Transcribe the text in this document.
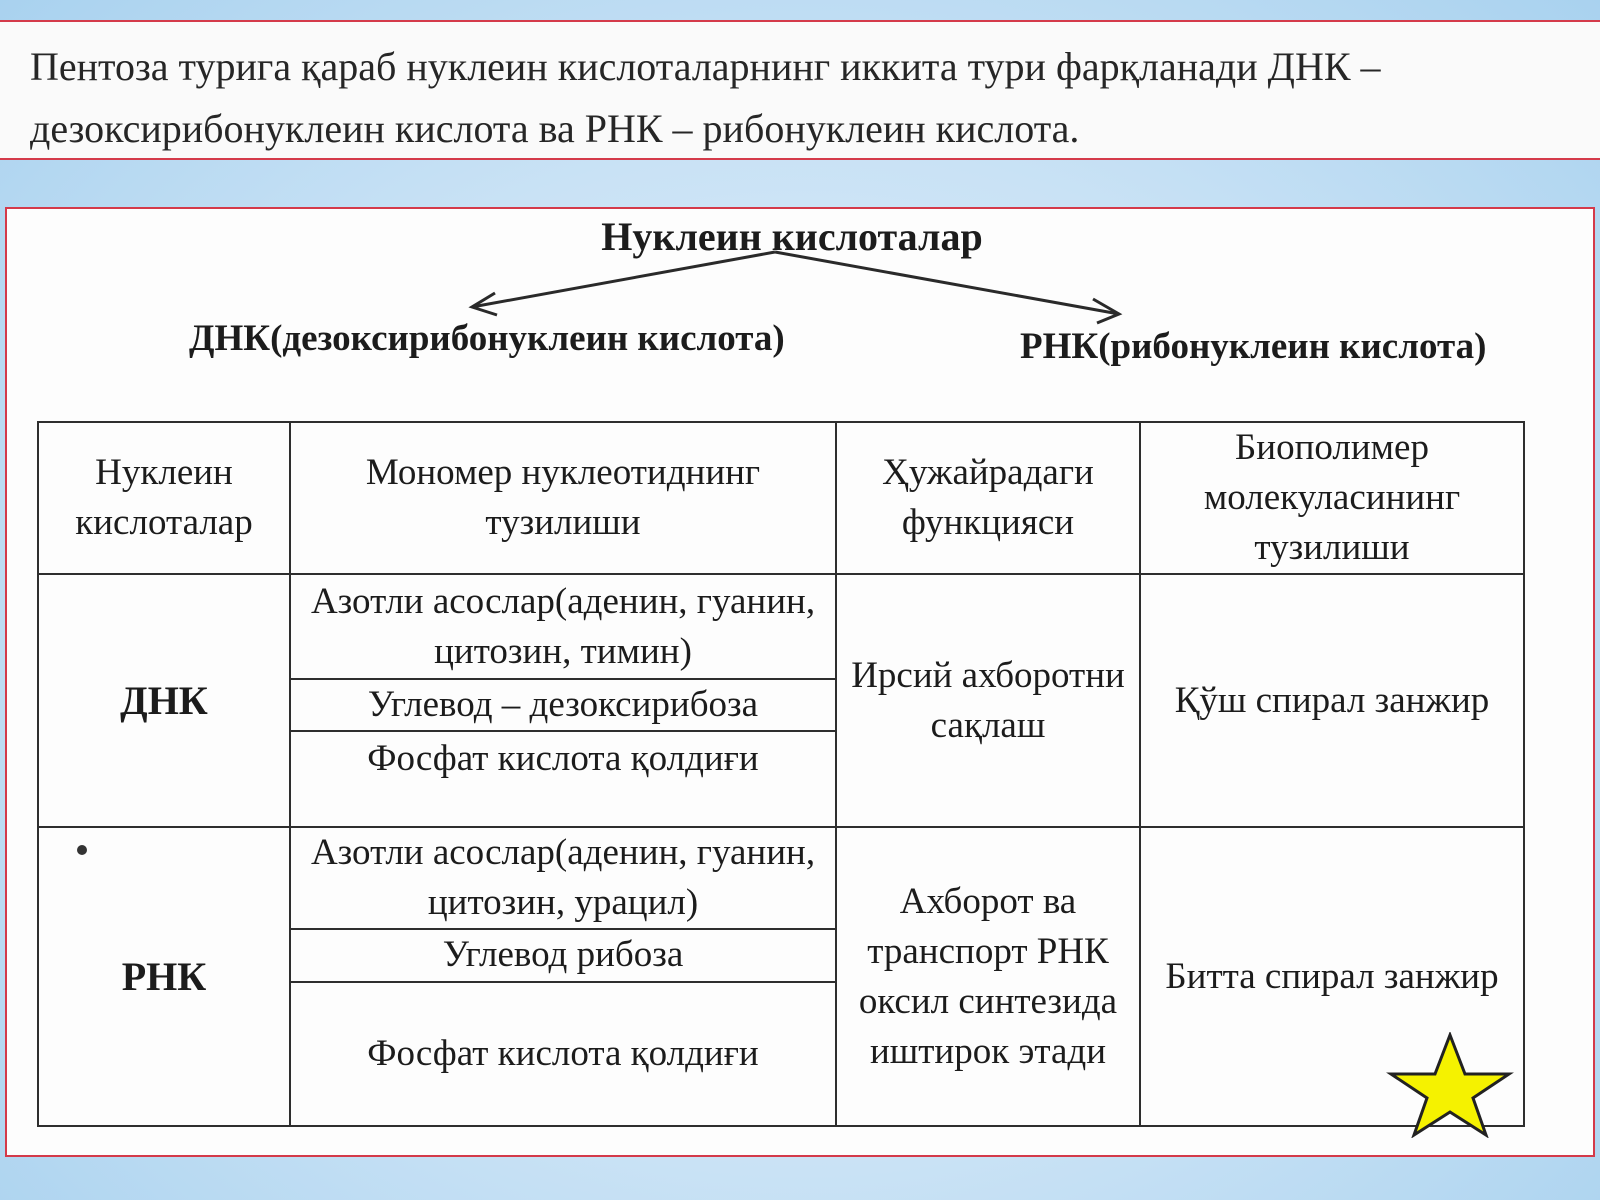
Пентоза турига қараб нуклеин кислоталарнинг иккита тури фарқланади ДНК – дезоксирибонуклеин кислота ва РНК – рибонуклеин кислота.
Нуклеин кислоталар
ДНК(дезоксирибонуклеин кислота)	РНК(рибонуклеин кислота)
Нуклеин кислоталар	Мономер нуклеотиднинг тузилиши	Ҳужайрадаги функцияси	Биополимер молекуласининг тузилиши
ДНК	Азотли асослар(аденин, гуанин, цитозин, тимин)	Ирсий ахборотни сақлаш	Қўш спирал занжир
	Углевод – дезоксирибоза		
	Фосфат кислота қолдиғи		
РНК	Азотли асослар(аденин, гуанин, цитозин, урацил)	Ахборот ва транспорт РНК оксил синтезида иштирок этади	Битта спирал занжир
	Углевод рибоза		
	Фосфат кислота қолдиғи		
